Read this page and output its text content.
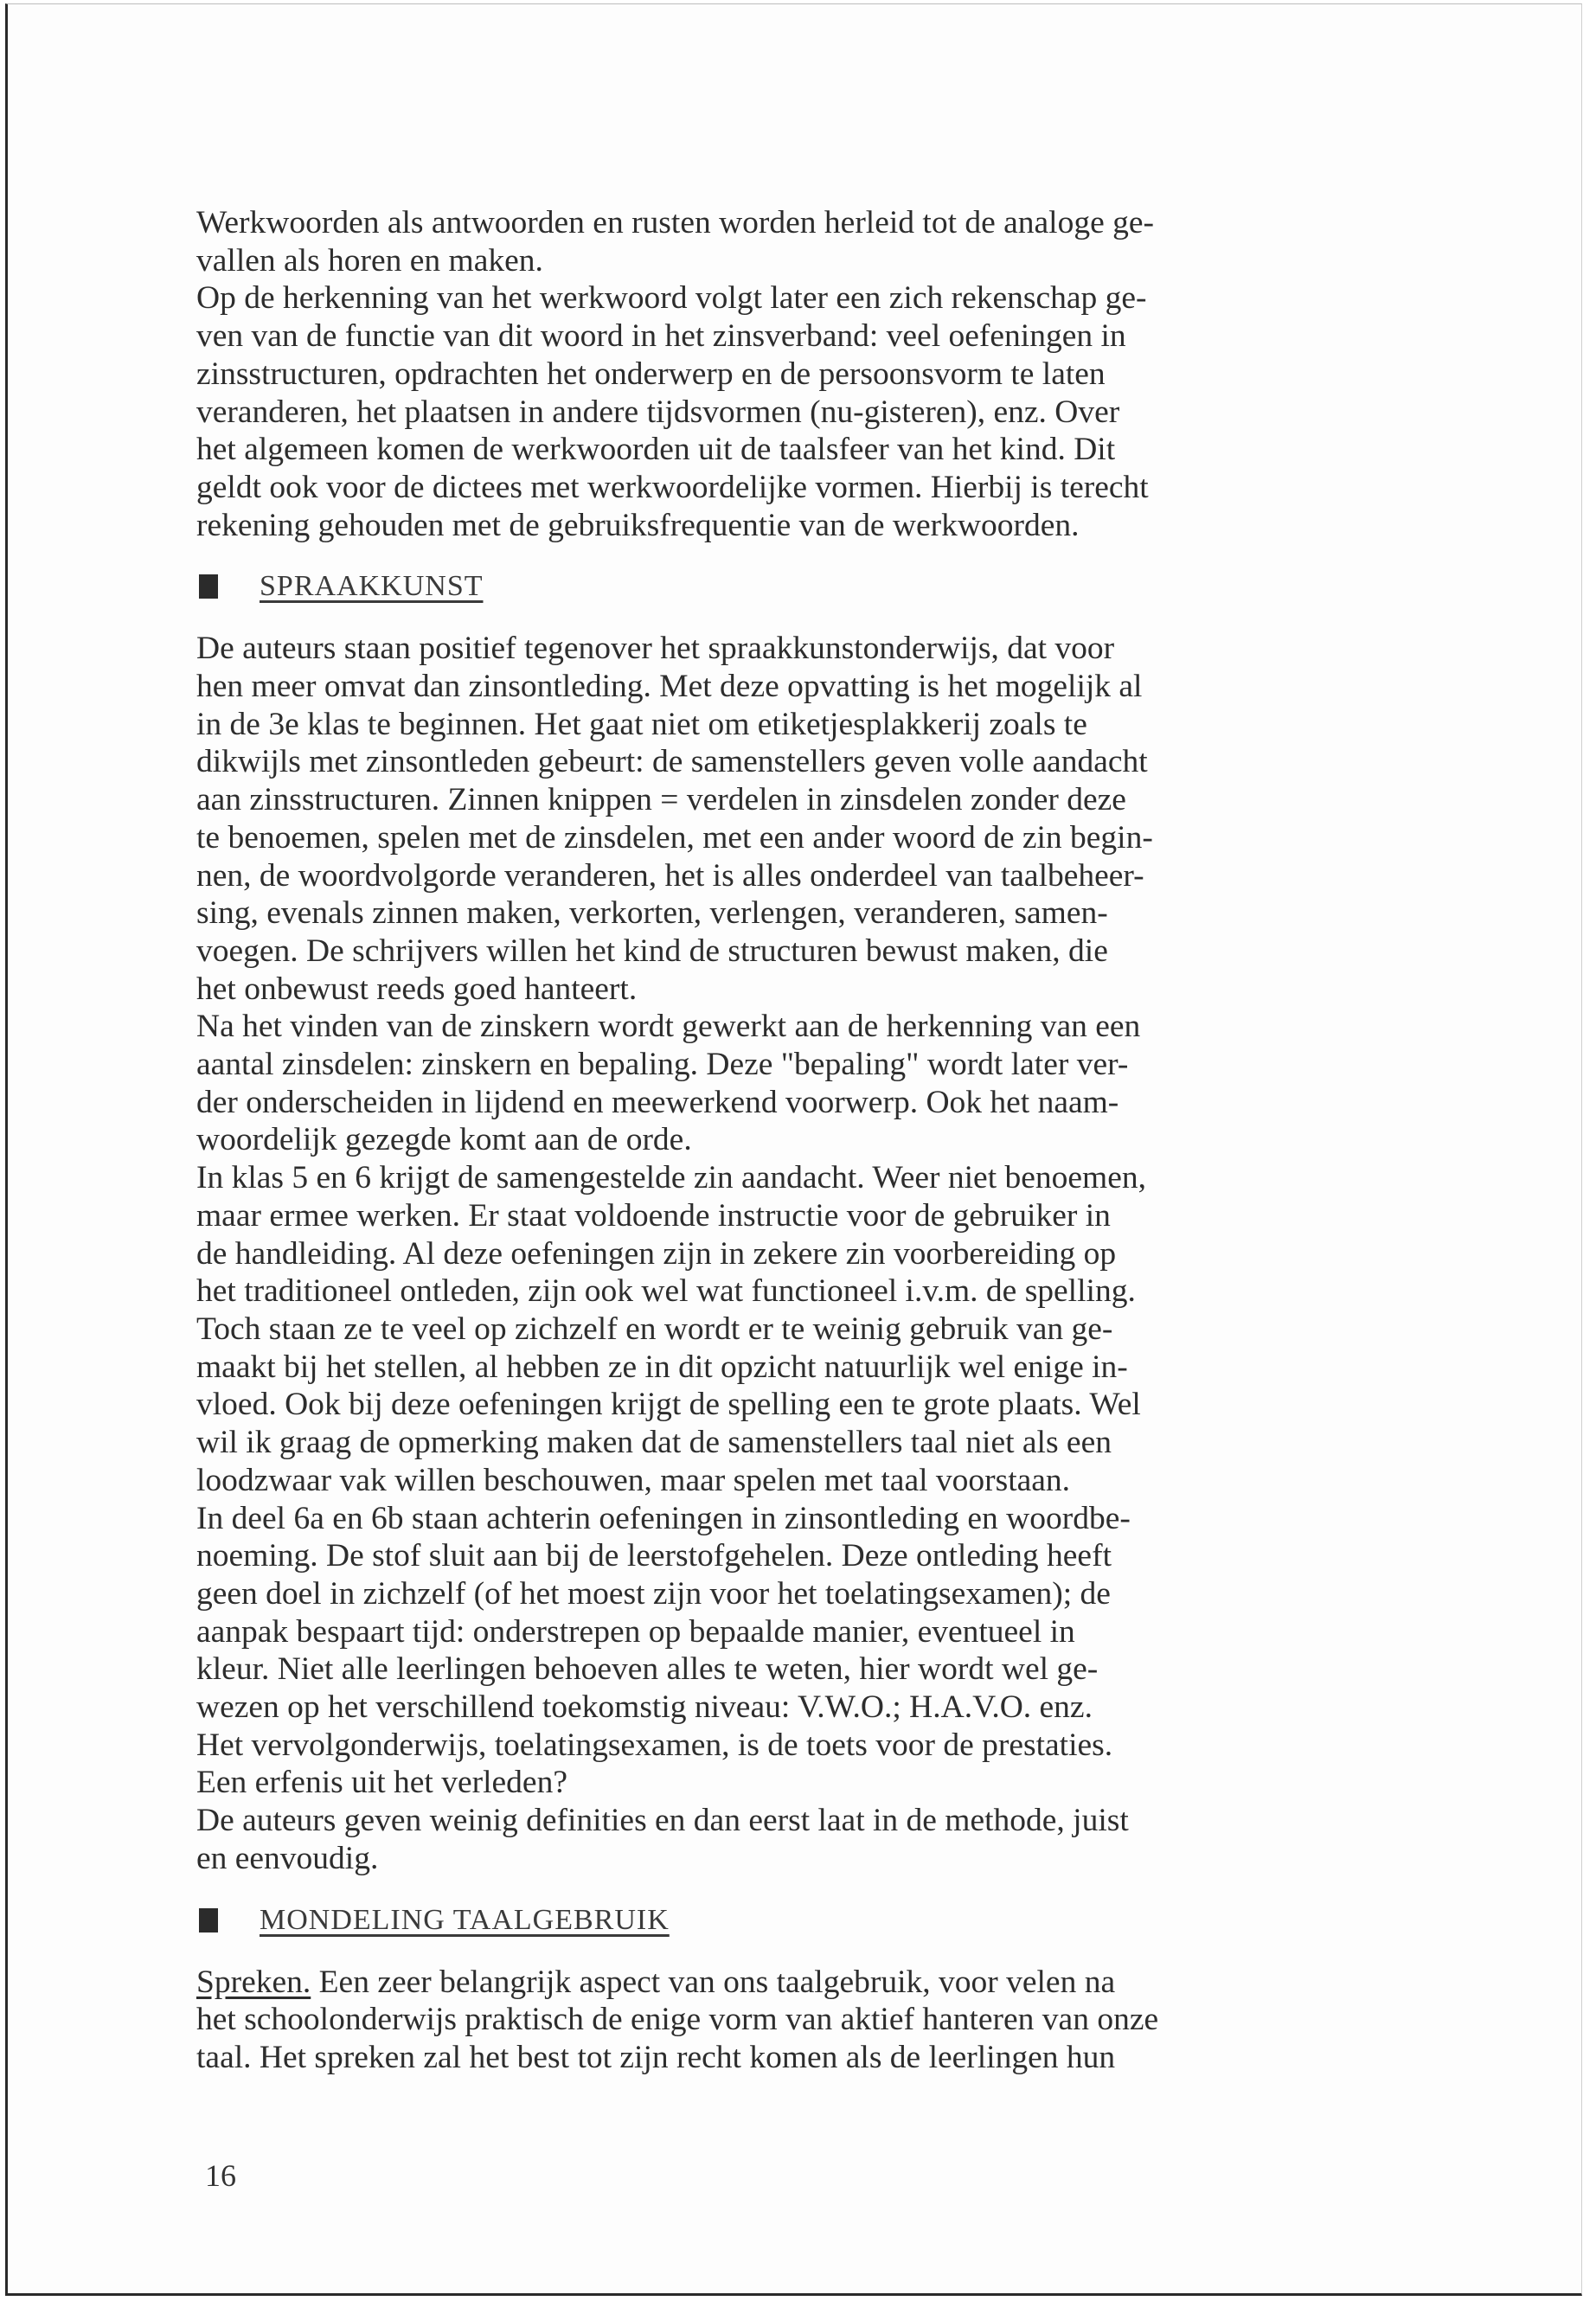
Werkwoorden als antwoorden en rusten worden herleid tot de analoge ge-
vallen als horen en maken.
Op de herkenning van het werkwoord volgt later een zich rekenschap ge-
ven van de functie van dit woord in het zinsverband: veel oefeningen in
zinsstructuren, opdrachten het onderwerp en de persoonsvorm te laten
veranderen, het plaatsen in andere tijdsvormen (nu-gisteren), enz. Over
het algemeen komen de werkwoorden uit de taalsfeer van het kind. Dit
geldt ook voor de dictees met werkwoordelijke vormen. Hierbij is terecht
rekening gehouden met de gebruiksfrequentie van de werkwoorden.

SPRAAKKUNST

De auteurs staan positief tegenover het spraakkunstonderwijs, dat voor
hen meer omvat dan zinsontleding. Met deze opvatting is het mogelijk al
in de 3e klas te beginnen. Het gaat niet om etiketjesplakkerij zoals te
dikwijls met zinsontleden gebeurt: de samenstellers geven volle aandacht
aan zinsstructuren. Zinnen knippen = verdelen in zinsdelen zonder deze
te benoemen, spelen met de zinsdelen, met een ander woord de zin begin-
nen, de woordvolgorde veranderen, het is alles onderdeel van taalbeheer-
sing, evenals zinnen maken, verkorten, verlengen, veranderen, samen-
voegen. De schrijvers willen het kind de structuren bewust maken, die
het onbewust reeds goed hanteert.
Na het vinden van de zinskern wordt gewerkt aan de herkenning van een
aantal zinsdelen: zinskern en bepaling. Deze "bepaling" wordt later ver-
der onderscheiden in lijdend en meewerkend voorwerp. Ook het naam-
woordelijk gezegde komt aan de orde.
In klas 5 en 6 krijgt de samengestelde zin aandacht. Weer niet benoemen,
maar ermee werken. Er staat voldoende instructie voor de gebruiker in
de handleiding. Al deze oefeningen zijn in zekere zin voorbereiding op
het traditioneel ontleden, zijn ook wel wat functioneel i.v.m. de spelling.
Toch staan ze te veel op zichzelf en wordt er te weinig gebruik van ge-
maakt bij het stellen, al hebben ze in dit opzicht natuurlijk wel enige in-
vloed. Ook bij deze oefeningen krijgt de spelling een te grote plaats. Wel
wil ik graag de opmerking maken dat de samenstellers taal niet als een
loodzwaar vak willen beschouwen, maar spelen met taal voorstaan.
In deel 6a en 6b staan achterin oefeningen in zinsontleding en woordbe-
noeming. De stof sluit aan bij de leerstofgehelen. Deze ontleding heeft
geen doel in zichzelf (of het moest zijn voor het toelatingsexamen); de
aanpak bespaart tijd: onderstrepen op bepaalde manier, eventueel in
kleur. Niet alle leerlingen behoeven alles te weten, hier wordt wel ge-
wezen op het verschillend toekomstig niveau: V.W.O.; H.A.V.O. enz.
Het vervolgonderwijs, toelatingsexamen, is de toets voor de prestaties.
Een erfenis uit het verleden?
De auteurs geven weinig definities en dan eerst laat in de methode, juist
en eenvoudig.

MONDELING TAALGEBRUIK

Spreken. Een zeer belangrijk aspect van ons taalgebruik, voor velen na
het schoolonderwijs praktisch de enige vorm van aktief hanteren van onze
taal. Het spreken zal het best tot zijn recht komen als de leerlingen hun

16
